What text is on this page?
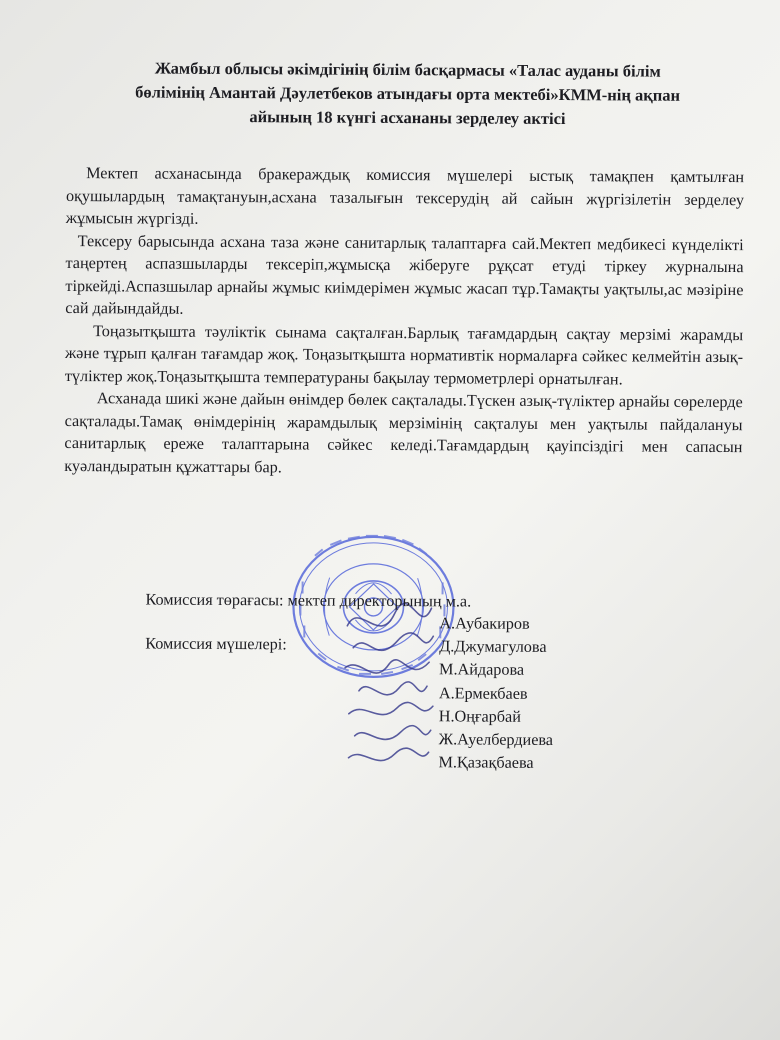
Жамбыл облысы әкімдігінің білім басқармасы «Талас ауданы білім
бөлімінің Амантай Дәулетбеков атындағы орта мектебі»КММ-нің ақпан
айының 18 күнгі асхананы зерделеу актісі

Мектеп асханасында бракераждық комиссия мүшелері ыстық тамақпен қамтылған оқушылардың тамақтануын,асхана тазалығын тексерудің ай сайын жүргізілетін зерделеу жұмысын жүргізді.

Тексеру барысында асхана таза және санитарлық талаптарға сай.Мектеп медбикесі күнделікті таңертең аспазшыларды тексеріп,жұмысқа жіберуге рұқсат етуді тіркеу журналына тіркейді.Аспазшылар арнайы жұмыс киімдерімен жұмыс жасап тұр.Тамақты уақтылы,ас мәзіріне сай дайындайды.

Тоңазытқышта тәуліктік сынама сақталған.Барлық тағамдардың сақтау мерзімі жарамды және тұрып қалған тағамдар жоқ. Тоңазытқышта нормативтік нормаларға сәйкес келмейтін азық-түліктер жоқ.Тоңазытқышта температураны бақылау термометрлері орнатылған.

Асханада шикі және дайын өнімдер бөлек сақталады.Түскен азық-түліктер арнайы сөрелерде сақталады.Тамақ өнімдерінің жарамдылық мерзімінің сақталуы мен уақтылы пайдалануы санитарлық ереже талаптарына сәйкес келеді.Тағамдардың қауіпсіздігі мен сапасын куәландыратын құжаттары бар.

Комиссия төрағасы: мектеп директорының м.а.
Комиссия мүшелері:
А.Аубакиров
Д.Джумагулова
М.Айдарова
А.Ермекбаев
Н.Оңғарбай
Ж.Ауелбердиева
М.Қазақбаева
